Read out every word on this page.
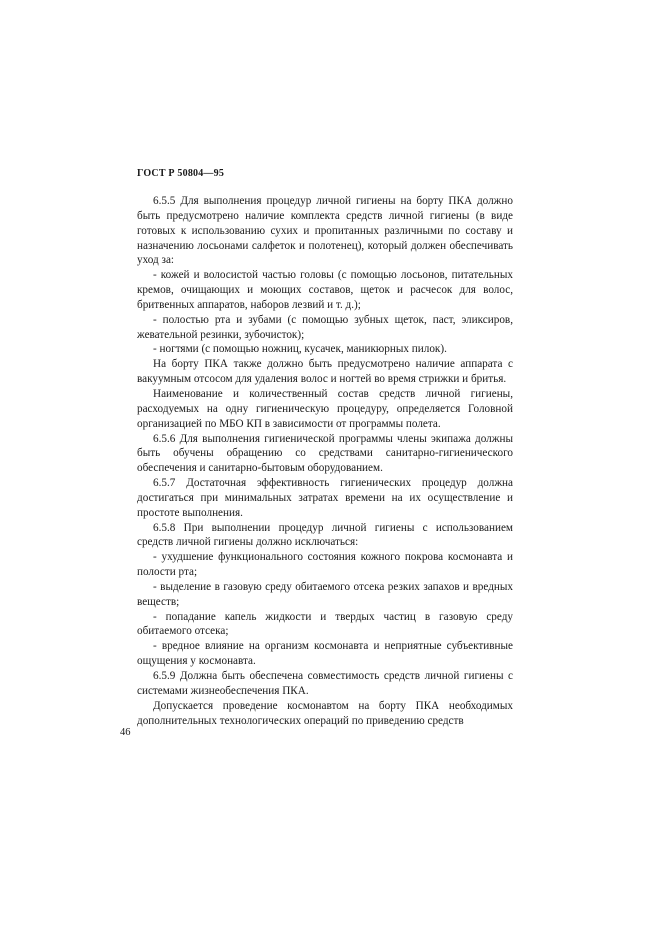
ГОСТ Р 50804—95

6.5.5 Для выполнения процедур личной гигиены на борту ПКА должно быть предусмотрено наличие комплекта средств личной гигиены (в виде готовых к использованию сухих и пропитанных различными по составу и назначению лосьонами салфеток и полотенец), который должен обеспечивать уход за:

- кожей и волосистой частью головы (с помощью лосьонов, питательных кремов, очищающих и моющих составов, щеток и расчесок для волос, бритвенных аппаратов, наборов лезвий и т. д.);

- полостью рта и зубами (с помощью зубных щеток, паст, эликсиров, жевательной резинки, зубочисток);

- ногтями (с помощью ножниц, кусачек, маникюрных пилок).

На борту ПКА также должно быть предусмотрено наличие аппарата с вакуумным отсосом для удаления волос и ногтей во время стрижки и бритья.

Наименование и количественный состав средств личной гигиены, расходуемых на одну гигиеническую процедуру, определяется Головной организацией по МБО КП в зависимости от программы полета.

6.5.6 Для выполнения гигиенической программы члены экипажа должны быть обучены обращению со средствами санитарно-гигиенического обеспечения и санитарно-бытовым оборудованием.

6.5.7 Достаточная эффективность гигиенических процедур должна достигаться при минимальных затратах времени на их осуществление и простоте выполнения.

6.5.8 При выполнении процедур личной гигиены с использованием средств личной гигиены должно исключаться:

- ухудшение функционального состояния кожного покрова космонавта и полости рта;

- выделение в газовую среду обитаемого отсека резких запахов и вредных веществ;

- попадание капель жидкости и твердых частиц в газовую среду обитаемого отсека;

- вредное влияние на организм космонавта и неприятные субъективные ощущения у космонавта.

6.5.9 Должна быть обеспечена совместимость средств личной гигиены с системами жизнеобеспечения ПКА.

Допускается проведение космонавтом на борту ПКА необходимых дополнительных технологических операций по приведению средств

46
